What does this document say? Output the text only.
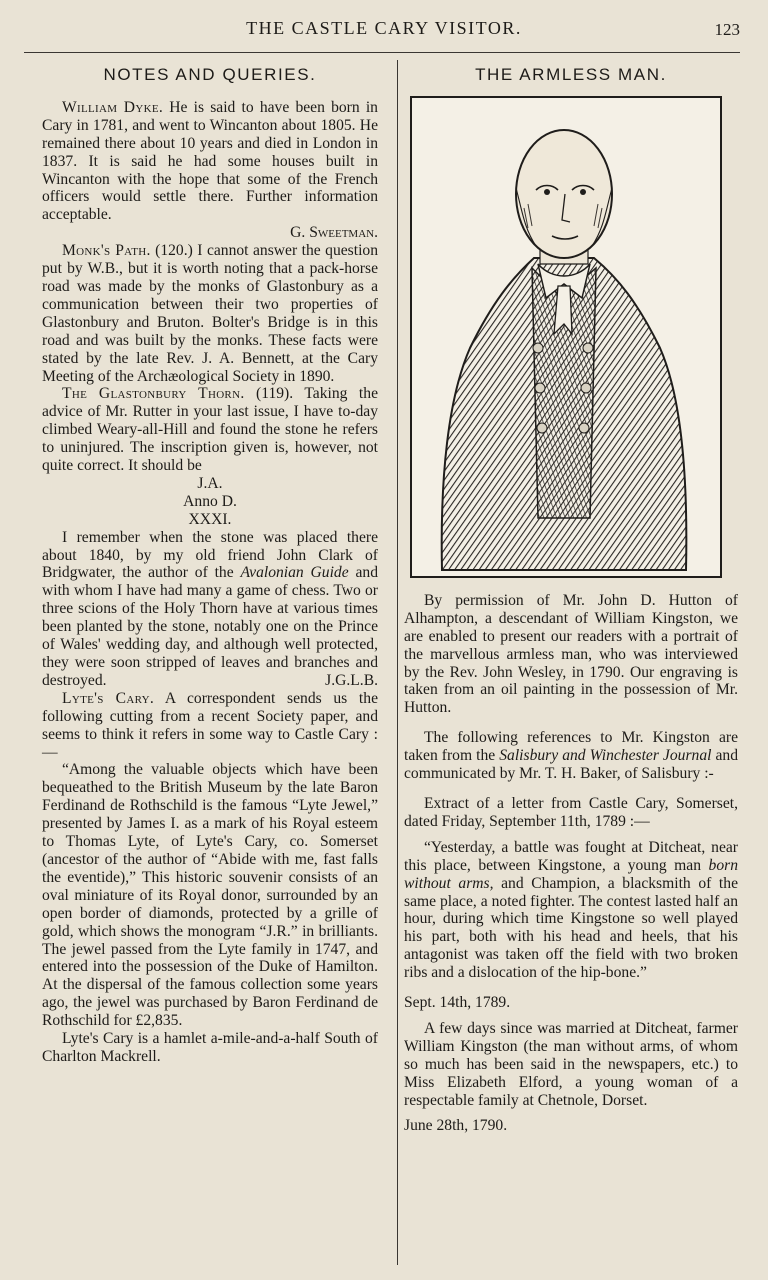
THE CASTLE CARY VISITOR.	123
NOTES AND QUERIES.

William Dyke. He is said to have been born in Cary in 1781, and went to Wincanton about 1805. He remained there about 10 years and died in London in 1837. It is said he had some houses built in Wincanton with the hope that some of the French officers would settle there. Further information acceptable.

G. Sweetman.

Monk's Path. (120.) I cannot answer the question put by W.B., but it is worth noting that a pack-horse road was made by the monks of Glastonbury as a communication between their two properties of Glastonbury and Bruton. Bolter's Bridge is in this road and was built by the monks. These facts were stated by the late Rev. J. A. Bennett, at the Cary Meeting of the Archæological Society in 1890.

The Glastonbury Thorn. (119). Taking the advice of Mr. Rutter in your last issue, I have to-day climbed Weary-all-Hill and found the stone he refers to uninjured. The inscription given is, however, not quite correct. It should be

J.A.

Anno D.

XXXI.

I remember when the stone was placed there about 1840, by my old friend John Clark of Bridgwater, the author of the Avalonian Guide and with whom I have had many a game of chess. Two or three scions of the Holy Thorn have at various times been planted by the stone, notably one on the Prince of Wales' wedding day, and although well protected, they were soon stripped of leaves and branches and destroyed.	J.G.L.B.

Lyte's Cary. A correspondent sends us the following cutting from a recent Society paper, and seems to think it refers in some way to Castle Cary :—

“Among the valuable objects which have been bequeathed to the British Museum by the late Baron Ferdinand de Rothschild is the famous “Lyte Jewel,” presented by James I. as a mark of his Royal esteem to Thomas Lyte, of Lyte's Cary, co. Somerset (ancestor of the author of “Abide with me, fast falls the eventide),” This historic souvenir consists of an oval miniature of its Royal donor, surrounded by an open border of diamonds, protected by a grille of gold, which shows the monogram “J.R.” in brilliants. The jewel passed from the Lyte family in 1747, and entered into the possession of the Duke of Hamilton. At the dispersal of the famous collection some years ago, the jewel was purchased by Baron Ferdinand de Rothschild for £2,835.

Lyte's Cary is a hamlet a-mile-and-a-half South of Charlton Mackrell.

THE ARMLESS MAN.

By permission of Mr. John D. Hutton of Alhampton, a descendant of William Kingston, we are enabled to present our readers with a portrait of the marvellous armless man, who was interviewed by the Rev. John Wesley, in 1790. Our engraving is taken from an oil painting in the possession of Mr. Hutton.

The following references to Mr. Kingston are taken from the Salisbury and Winchester Journal and communicated by Mr. T. H. Baker, of Salisbury :-

Extract of a letter from Castle Cary, Somerset, dated Friday, September 11th, 1789 :—

“Yesterday, a battle was fought at Ditcheat, near this place, between Kingstone, a young man born without arms, and Champion, a blacksmith of the same place, a noted fighter. The contest lasted half an hour, during which time Kingstone so well played his part, both with his head and heels, that his antagonist was taken off the field with two broken ribs and a dislocation of the hip-bone.”

Sept. 14th, 1789.

A few days since was married at Ditcheat, farmer William Kingston (the man without arms, of whom so much has been said in the newspapers, etc.) to Miss Elizabeth Elford, a young woman of a respectable family at Chetnole, Dorset.

June 28th, 1790.
